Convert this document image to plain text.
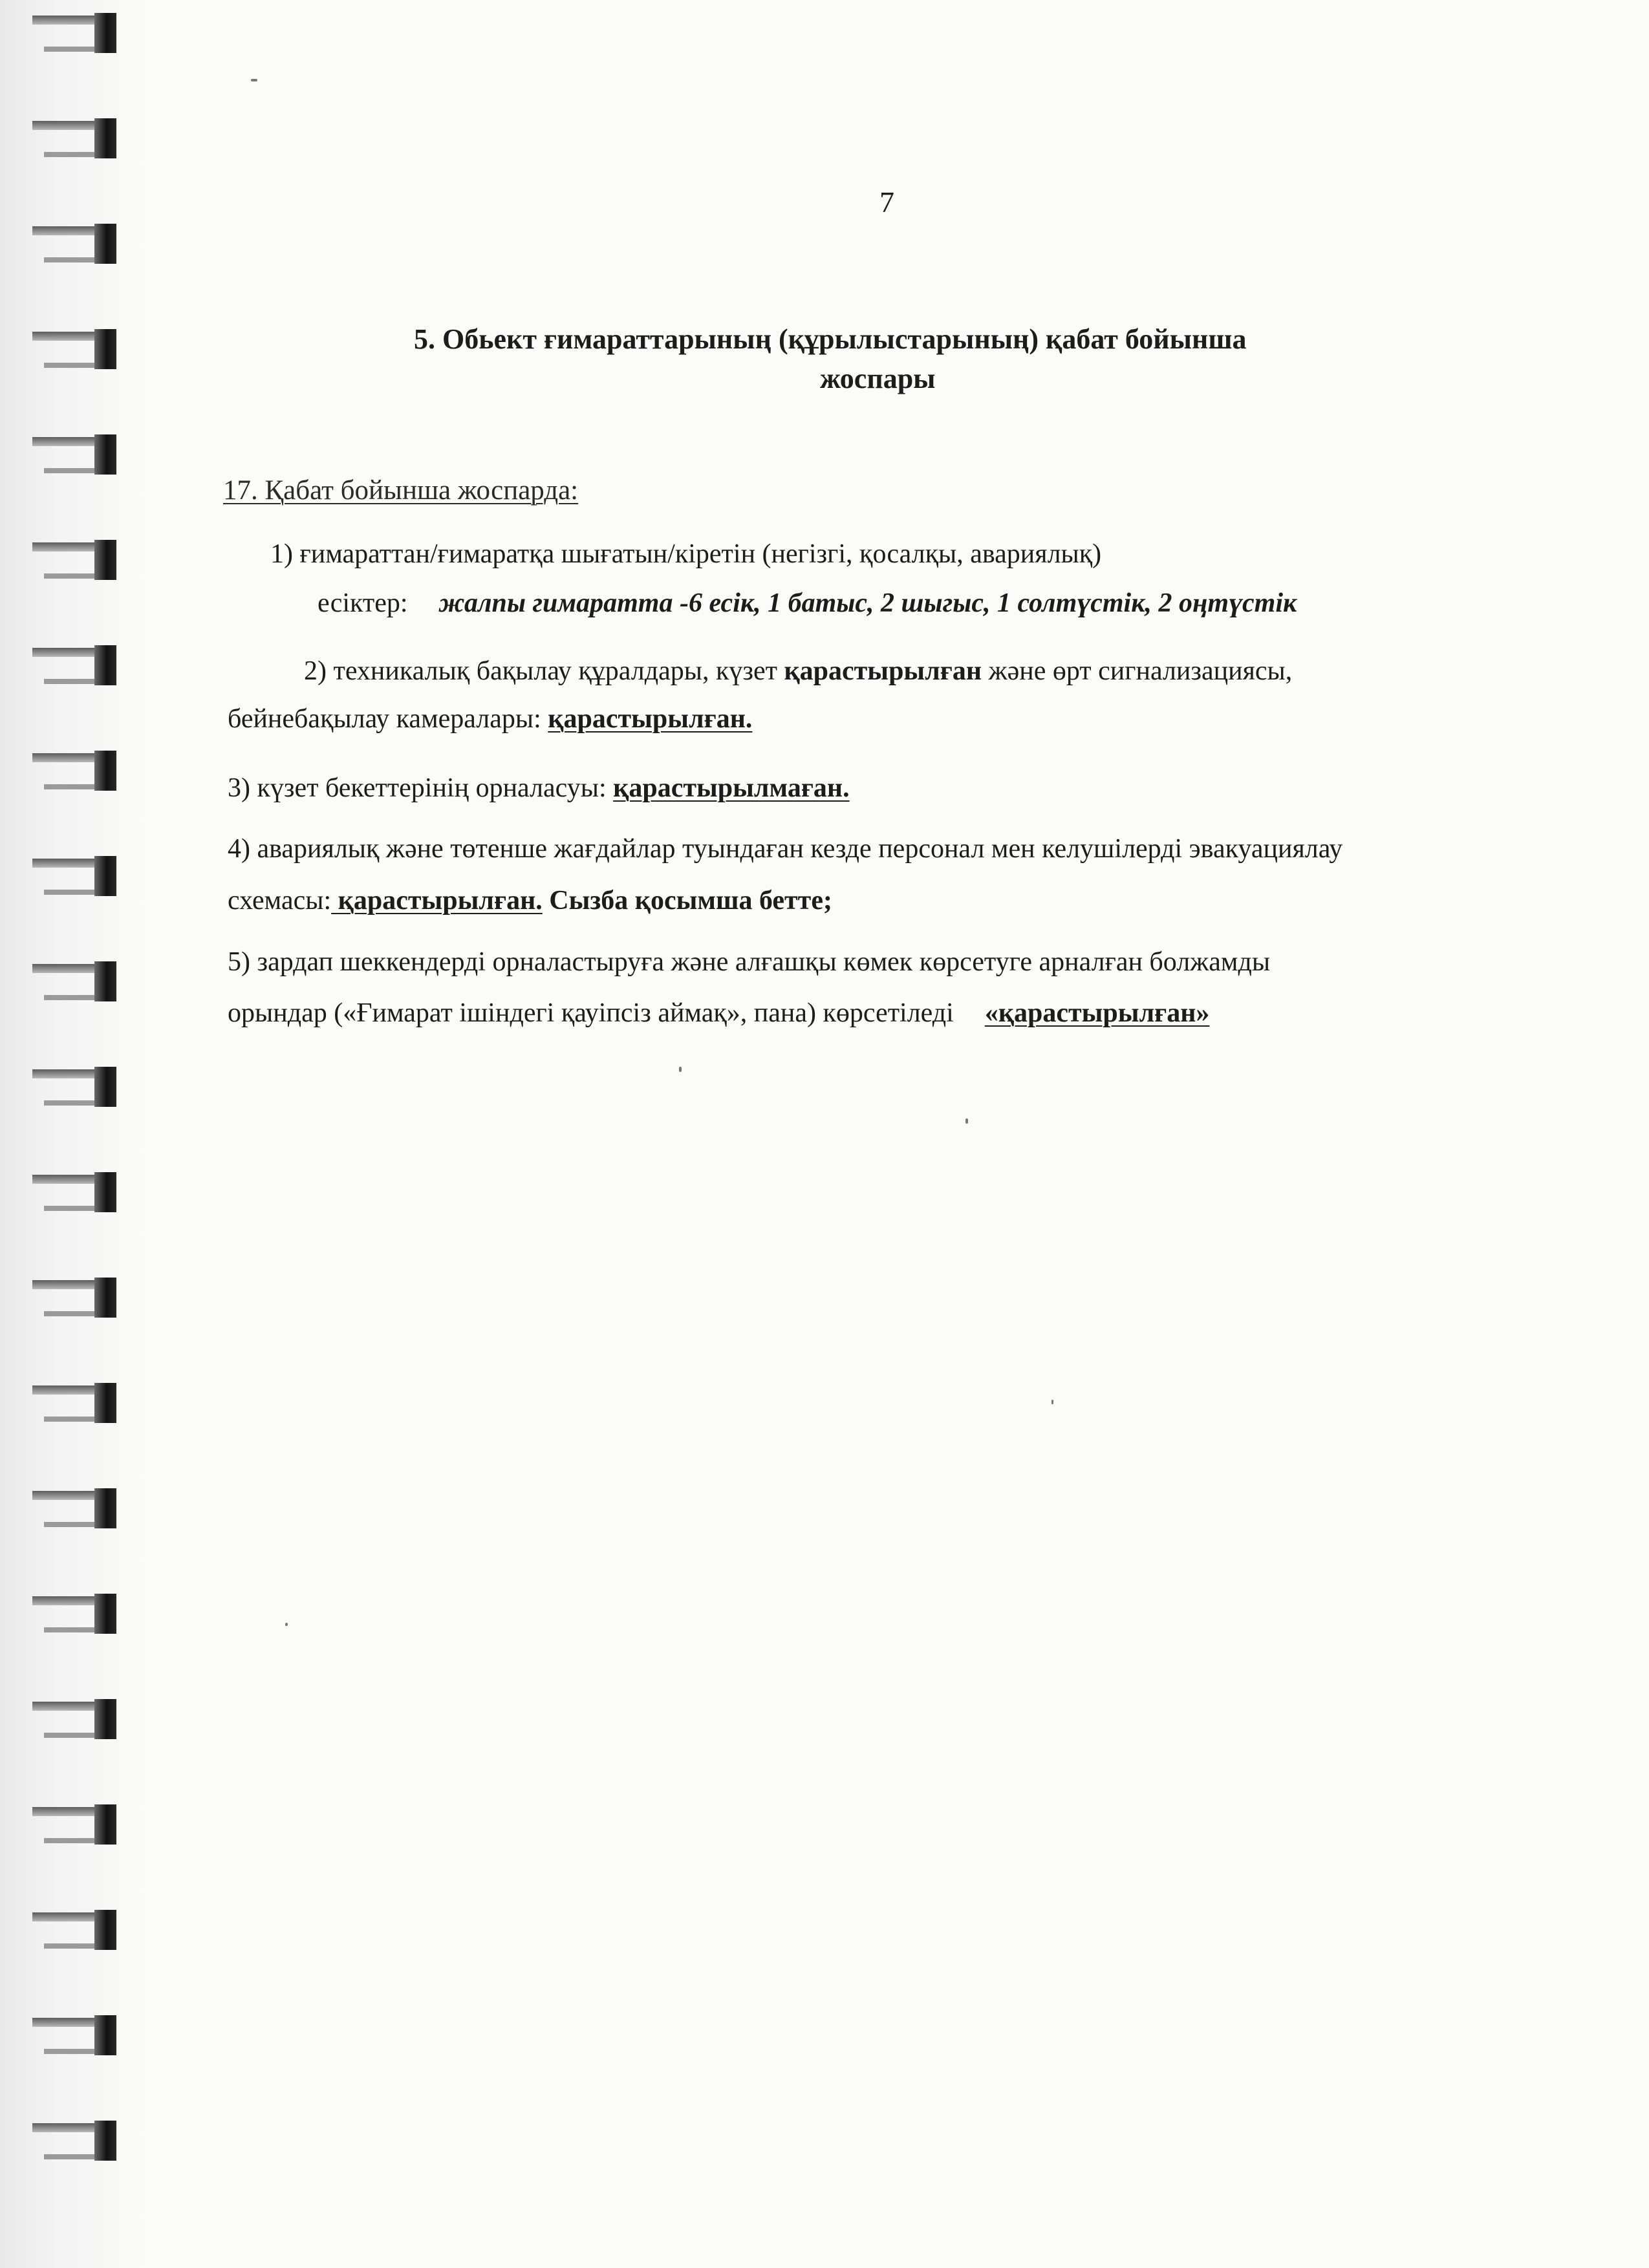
7
5. Обьект ғимараттарының (құрылыстарының) қабат бойынша
жоспары
17. Қабат бойынша жоспарда:
1) ғимараттан/ғимаратқа шығатын/кіретін (негізгі, қосалқы, авариялық)
есіктер: жалпы гимаратта -6 есік, 1 батыс, 2 шыгыс, 1 солтүстік, 2 оңтүстік
2) техникалық бақылау құралдары, күзет қарастырылған және өрт сигнализациясы,
бейнебақылау камералары: қарастырылған.
3) күзет бекеттерінің орналасуы: қарастырылмаған.
4) авариялық және төтенше жағдайлар туындаған кезде персонал мен келушілерді эвакуациялау
схемасы: қарастырылған. Сызба қосымша бетте;
5) зардап шеккендерді орналастыруға және алғашқы көмек көрсетуге арналған болжамды
орындар («Ғимарат ішіндегі қауіпсіз аймақ», пана) көрсетіледі «қарастырылған»
